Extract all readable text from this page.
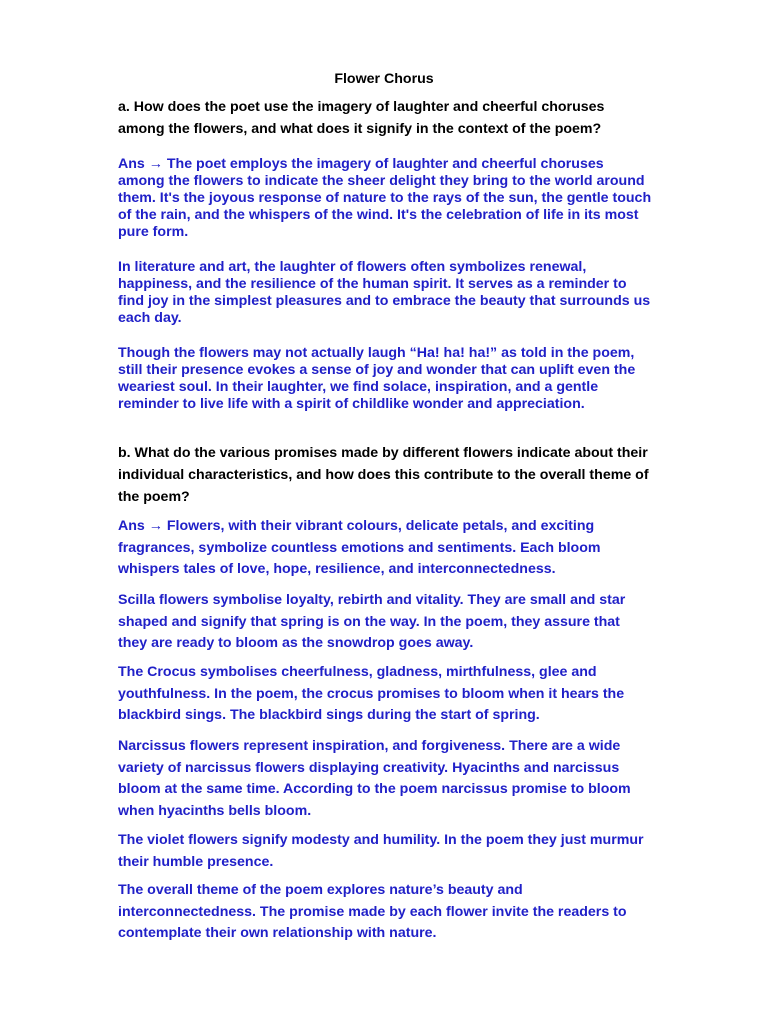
Flower Chorus
a. How does the poet use the imagery of laughter and cheerful choruses
among the flowers, and what does it signify in the context of the poem?
Ans → The poet employs the imagery of laughter and cheerful choruses
among the flowers to indicate the sheer delight they bring to the world around
them. It's the joyous response of nature to the rays of the sun, the gentle touch
of the rain, and the whispers of the wind. It's the celebration of life in its most
pure form.
In literature and art, the laughter of flowers often symbolizes renewal,
happiness, and the resilience of the human spirit. It serves as a reminder to
find joy in the simplest pleasures and to embrace the beauty that surrounds us
each day.
Though the flowers may not actually laugh “Ha! ha! ha!” as told in the poem,
still their presence evokes a sense of joy and wonder that can uplift even the
weariest soul. In their laughter, we find solace, inspiration, and a gentle
reminder to live life with a spirit of childlike wonder and appreciation.
b. What do the various promises made by different flowers indicate about their
individual characteristics, and how does this contribute to the overall theme of
the poem?
Ans → Flowers, with their vibrant colours, delicate petals, and exciting
fragrances, symbolize countless emotions and sentiments. Each bloom
whispers tales of love, hope, resilience, and interconnectedness.
Scilla flowers symbolise loyalty, rebirth and vitality. They are small and star
shaped and signify that spring is on the way. In the poem, they assure that
they are ready to bloom as the snowdrop goes away.
The Crocus symbolises cheerfulness, gladness, mirthfulness, glee and
youthfulness. In the poem, the crocus promises to bloom when it hears the
blackbird sings. The blackbird sings during the start of spring.
Narcissus flowers represent inspiration, and forgiveness. There are a wide
variety of narcissus flowers displaying creativity. Hyacinths and narcissus
bloom at the same time. According to the poem narcissus promise to bloom
when hyacinths bells bloom.
The violet flowers signify modesty and humility. In the poem they just murmur
their humble presence.
The overall theme of the poem explores nature’s beauty and
interconnectedness. The promise made by each flower invite the readers to
contemplate their own relationship with nature.
